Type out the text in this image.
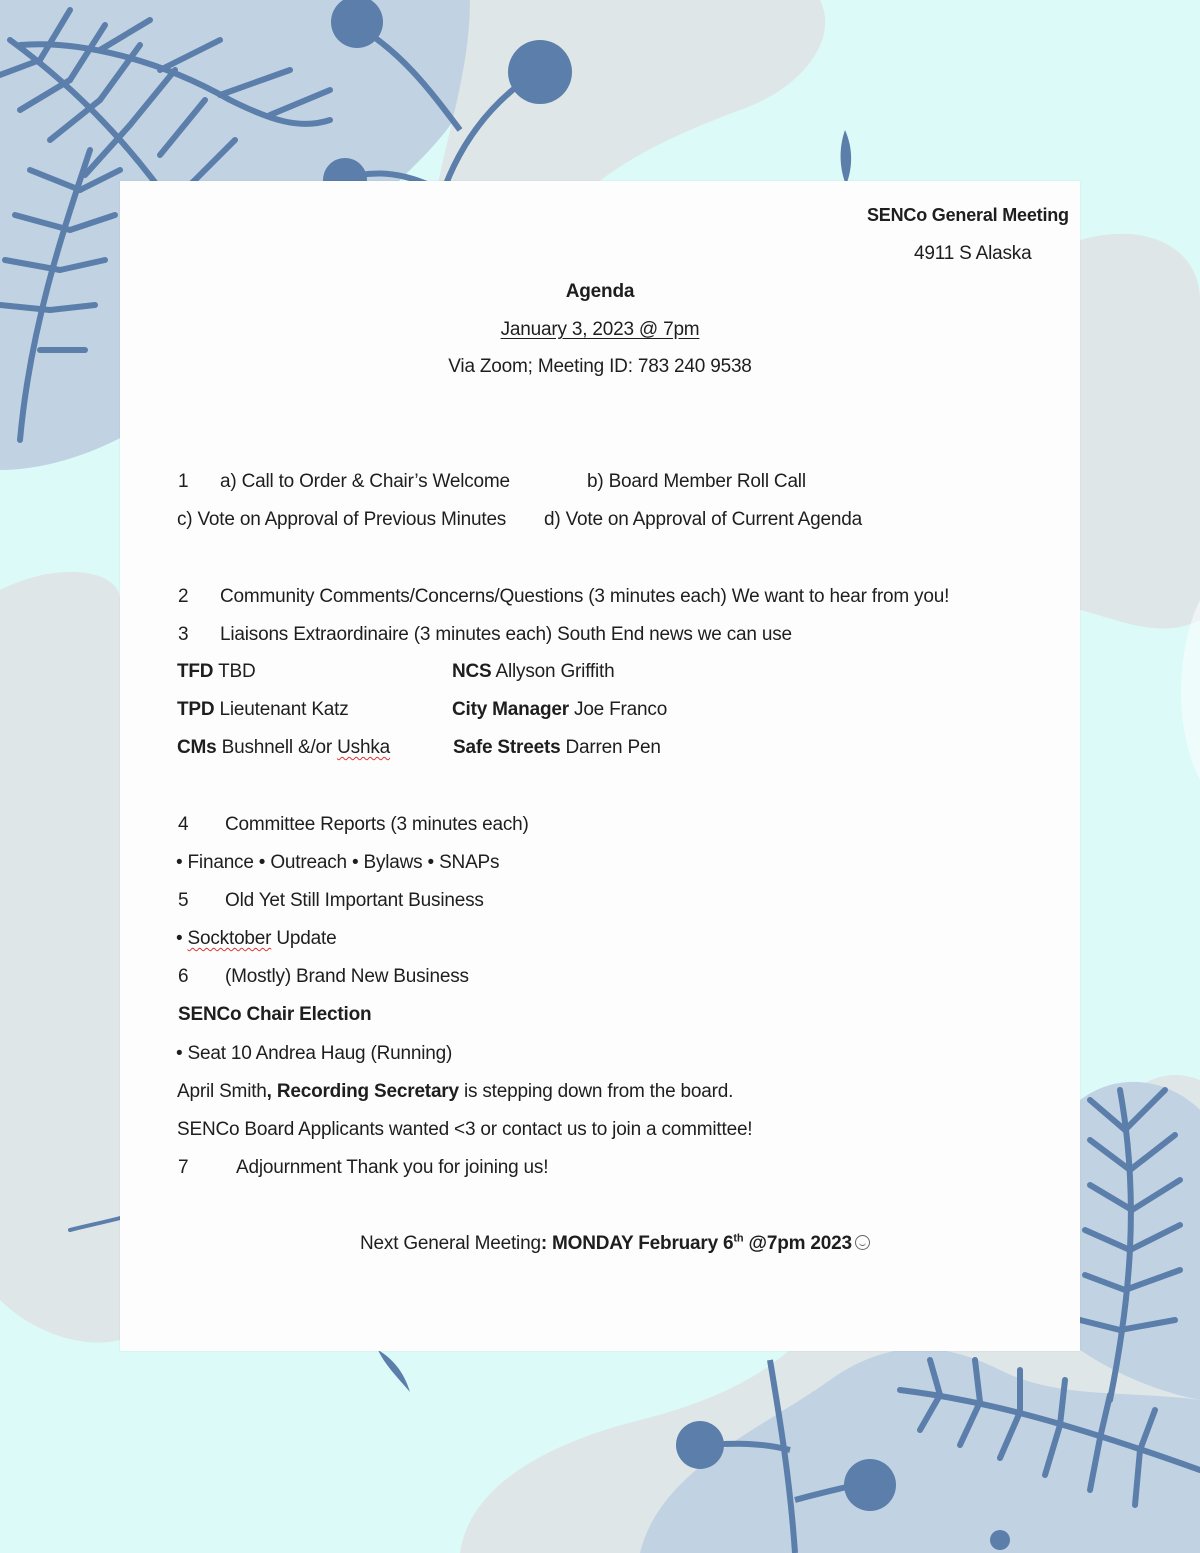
SENCo General Meeting
4911 S Alaska
Agenda
January 3, 2023 @ 7pm
Via Zoom; Meeting ID: 783 240 9538
1 a) Call to Order & Chair’s Welcome	b) Board Member Roll Call
c) Vote on Approval of Previous Minutes d) Vote on Approval of Current Agenda
2 Community Comments/Concerns/Questions (3 minutes each) We want to hear from you!
3 Liaisons Extraordinaire (3 minutes each) South End news we can use
TFD TBD	NCS Allyson Griffith
TPD Lieutenant Katz	City Manager Joe Franco
CMs Bushnell &/or Ushka	Safe Streets Darren Pen
4 Committee Reports (3 minutes each)
• Finance • Outreach • Bylaws • SNAPs
5 Old Yet Still Important Business
• Socktober Update
6 (Mostly) Brand New Business
SENCo Chair Election
• Seat 10 Andrea Haug (Running)
April Smith, Recording Secretary is stepping down from the board.
SENCo Board Applicants wanted <3 or contact us to join a committee!
7	Adjournment Thank you for joining us!
Next General Meeting: MONDAY February 6th @7pm 2023
